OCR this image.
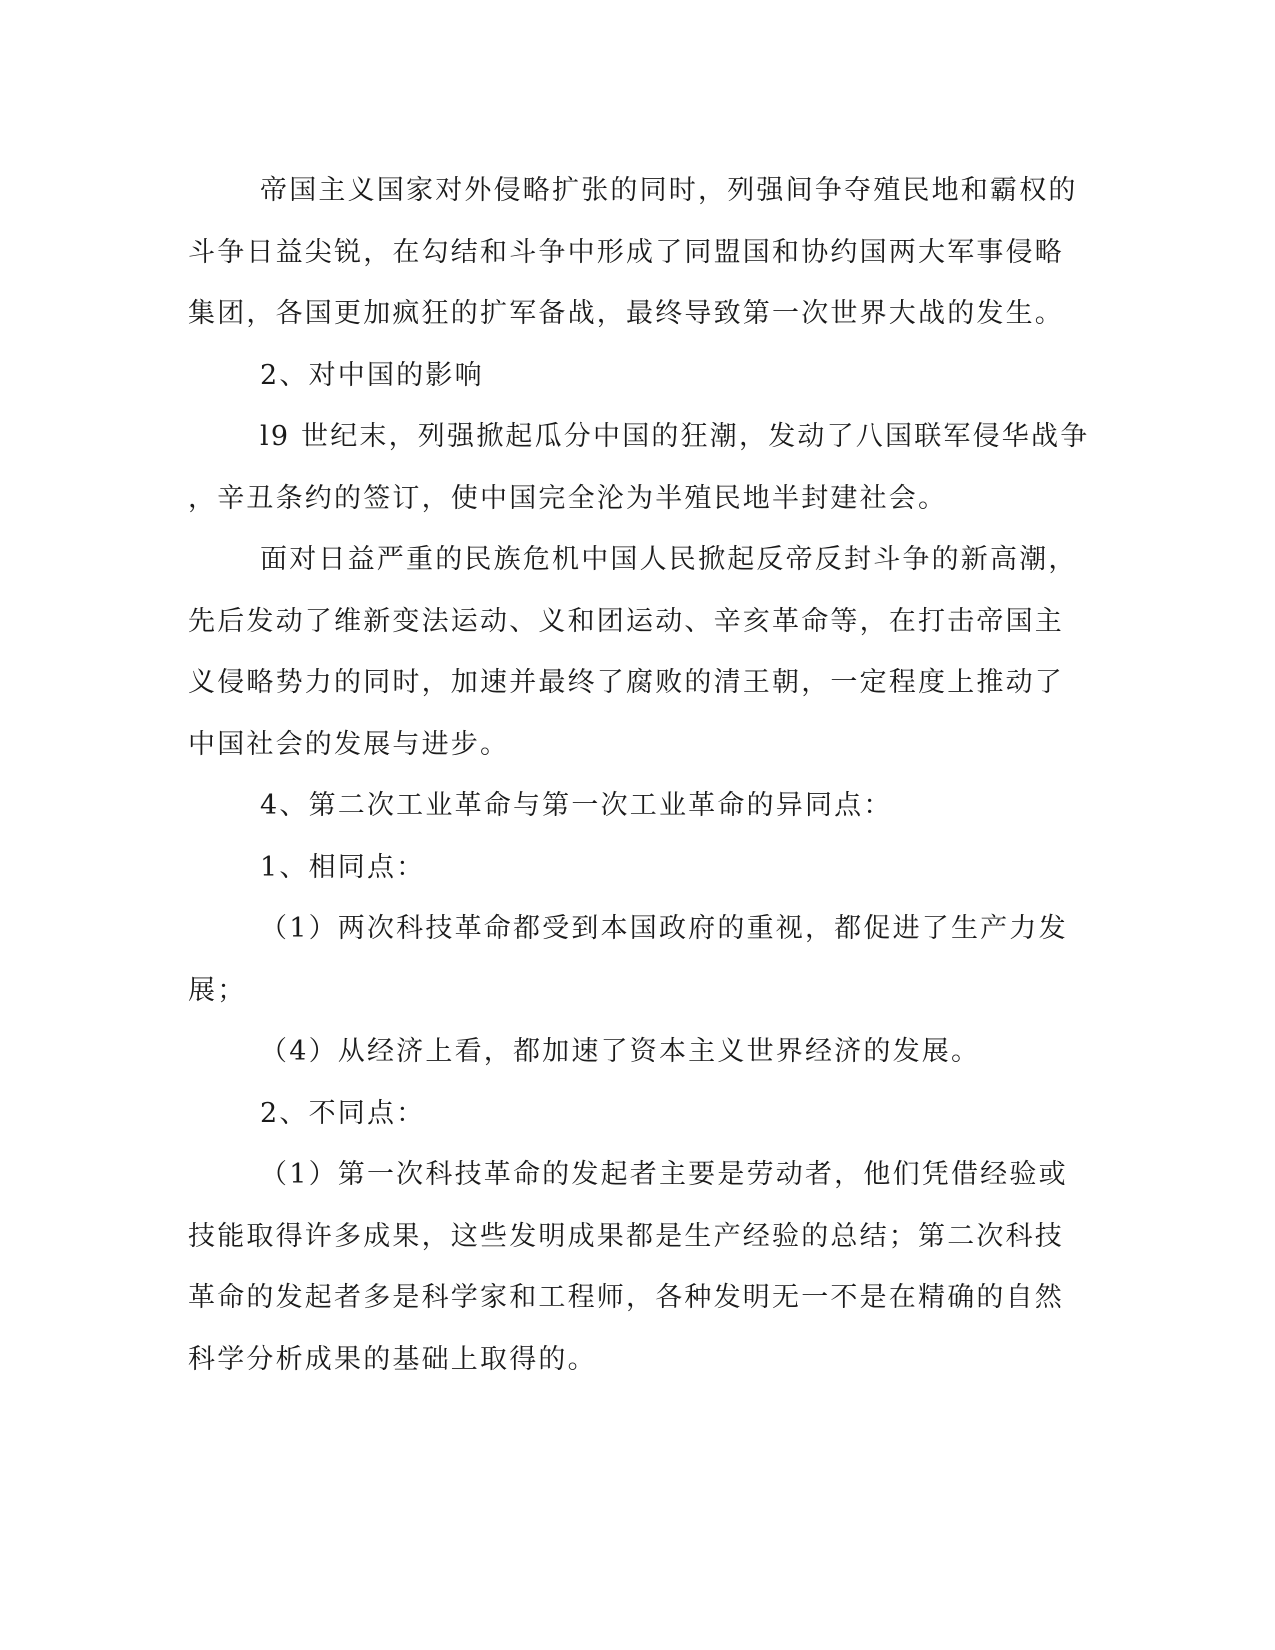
帝国主义国家对外侵略扩张的同时，列强间争夺殖民地和霸权的
斗争日益尖锐，在勾结和斗争中形成了同盟国和协约国两大军事侵略
集团，各国更加疯狂的扩军备战，最终导致第一次世界大战的发生。
2、对中国的影响
l9 世纪末，列强掀起瓜分中国的狂潮，发动了八国联军侵华战争
，辛丑条约的签订，使中国完全沦为半殖民地半封建社会。
面对日益严重的民族危机中国人民掀起反帝反封斗争的新高潮，
先后发动了维新变法运动、义和团运动、辛亥革命等，在打击帝国主
义侵略势力的同时，加速并最终了腐败的清王朝，一定程度上推动了
中国社会的发展与进步。
4、第二次工业革命与第一次工业革命的异同点：
1、相同点：
（1）两次科技革命都受到本国政府的重视，都促进了生产力发
展；
（4）从经济上看，都加速了资本主义世界经济的发展。
2、不同点：
（1）第一次科技革命的发起者主要是劳动者，他们凭借经验或
技能取得许多成果，这些发明成果都是生产经验的总结；第二次科技
革命的发起者多是科学家和工程师，各种发明无一不是在精确的自然
科学分析成果的基础上取得的。
